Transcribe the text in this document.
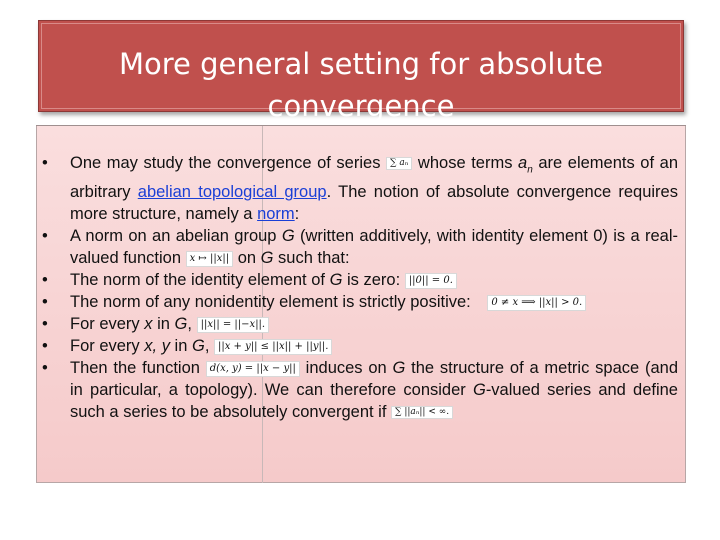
More general setting for absolute
convergence
• One may study the convergence of series ∑ aₙ whose terms $a_n$ are elements of an arbitrary abelian topological group. The notion of absolute convergence requires more structure, namely a norm:
• A norm on an abelian group G (written additively, with identity element 0) is a real-valued function x ↦ ||x|| on G such that:
• The norm of the identity element of G is zero: ||0|| = 0.
• The norm of any nonidentity element is strictly positive: 0 ≠ x ⟹ ||x|| > 0.
• For every x in G, ||x|| = ||−x||.
• For every x, y in G, ||x + y|| ≤ ||x|| + ||y||.
• Then the function d(x, y) = ||x − y|| induces on G the structure of a metric space (and in particular, a topology). We can therefore consider G-valued series and define such a series to be absolutely convergent if ∑ ||aₙ|| < ∞.
